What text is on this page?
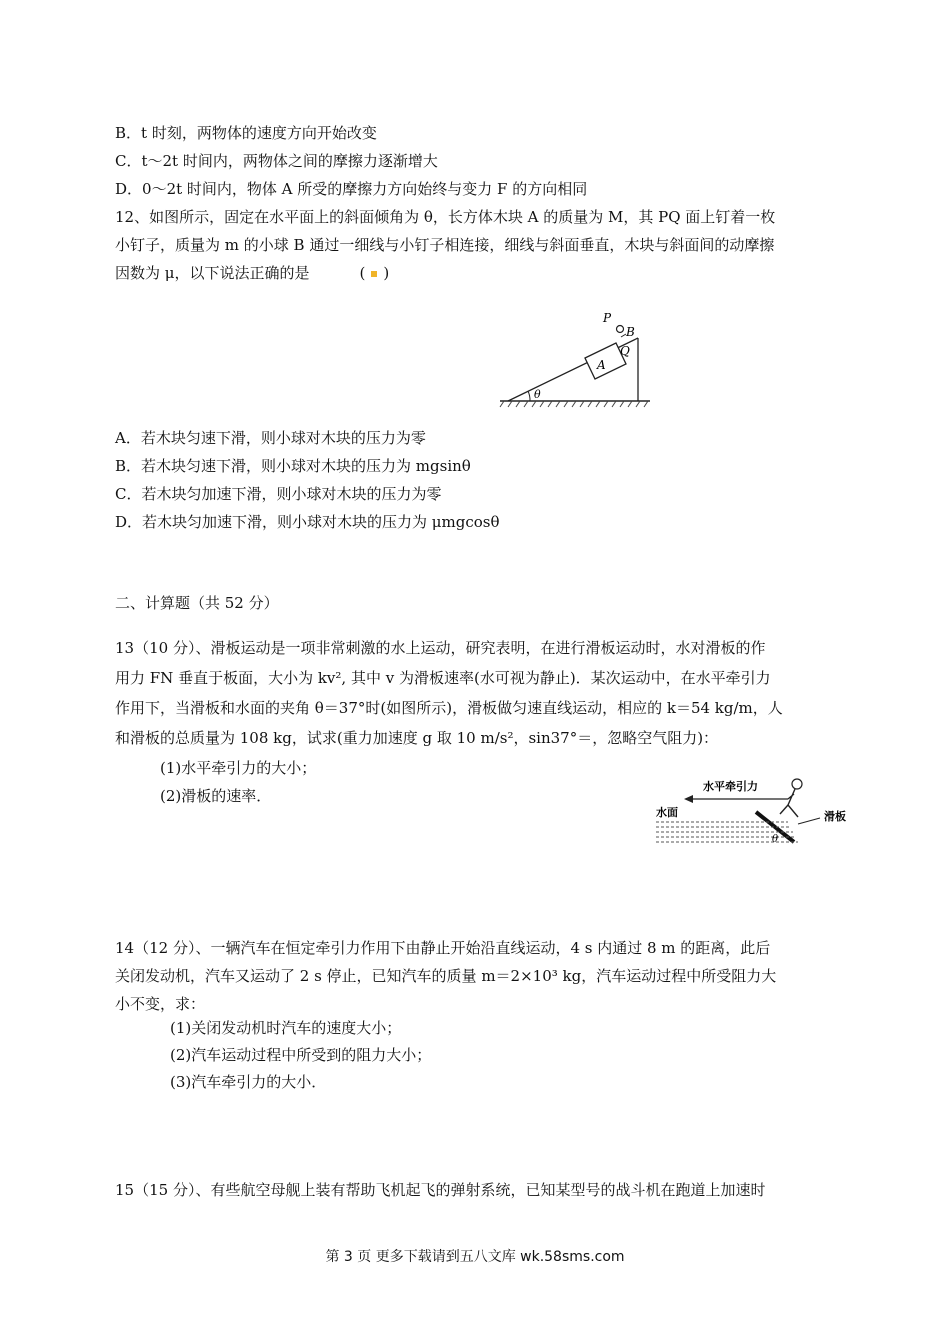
B．t 时刻，两物体的速度方向开始改变
C．t～2t 时间内，两物体之间的摩擦力逐渐增大
D．0～2t 时间内，物体 A 所受的摩擦力方向始终与变力 F 的方向相同
12、如图所示，固定在水平面上的斜面倾角为 θ，长方体木块 A 的质量为 M，其 PQ 面上钉着一枚
小钉子，质量为 m 的小球 B 通过一细线与小钉子相连接，细线与斜面垂直，木块与斜面间的动摩擦
因数为 μ，以下说法正确的是	( )
θ
A
P
B
Q
A．若木块匀速下滑，则小球对木块的压力为零
B．若木块匀速下滑，则小球对木块的压力为 mgsinθ
C．若木块匀加速下滑，则小球对木块的压力为零
D．若木块匀加速下滑，则小球对木块的压力为 μmgcosθ
二、计算题（共 52 分）
13（10 分）、滑板运动是一项非常刺激的水上运动，研究表明，在进行滑板运动时，水对滑板的作
用力 FN 垂直于板面，大小为 kv², 其中 v 为滑板速率(水可视为静止)．某次运动中，在水平牵引力
作用下，当滑板和水面的夹角 θ＝37°时(如图所示)，滑板做匀速直线运动，相应的 k＝54 kg/m，人
和滑板的总质量为 108 kg，试求(重力加速度 g 取 10 m/s²，sin37°＝，忽略空气阻力)：
(1)水平牵引力的大小；
(2)滑板的速率．
水平牵引力
水面	滑板
θ
14（12 分）、一辆汽车在恒定牵引力作用下由静止开始沿直线运动，4 s 内通过 8 m 的距离，此后
关闭发动机，汽车又运动了 2 s 停止，已知汽车的质量 m＝2×10³ kg，汽车运动过程中所受阻力大
小不变，求：
(1)关闭发动机时汽车的速度大小；
(2)汽车运动过程中所受到的阻力大小；
(3)汽车牵引力的大小．
15（15 分）、有些航空母舰上装有帮助飞机起飞的弹射系统，已知某型号的战斗机在跑道上加速时
第 3 页 更多下载请到五八文库 wk.58sms.com
